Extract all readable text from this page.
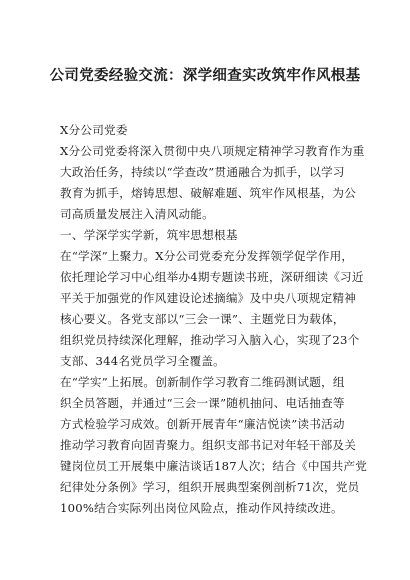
公司党委经验交流：深学细查实改筑牢作风根基
X分公司党委
X分公司党委将深入贯彻中央八项规定精神学习教育作为重
大政治任务，持续以“学查改”贯通融合为抓手，以学习
教育为抓手，熔铸思想、破解难题、筑牢作风根基，为公
司高质量发展注入清风动能。
一、学深学实学新，筑牢思想根基
在“学深”上聚力。X分公司党委充分发挥领学促学作用，
依托理论学习中心组举办4期专题读书班，深研细读《习近
平关于加强党的作风建设论述摘编》及中央八项规定精神
核心要义。各党支部以“三会一课”、主题党日为载体，
组织党员持续深化理解，推动学习入脑入心，实现了23个
支部、344名党员学习全覆盖。
在“学实”上拓展。创新制作学习教育二维码测试题，组
织全员答题，并通过“三会一课”随机抽问、电话抽查等
方式检验学习成效。创新开展青年“廉洁悦读”读书活动
推动学习教育向固青聚力。组织支部书记对年轻干部及关
键岗位员工开展集中廉洁谈话187人次；结合《中国共产党
纪律处分条例》学习，组织开展典型案例剖析71次，党员
100%结合实际列出岗位风险点，推动作风持续改进。
